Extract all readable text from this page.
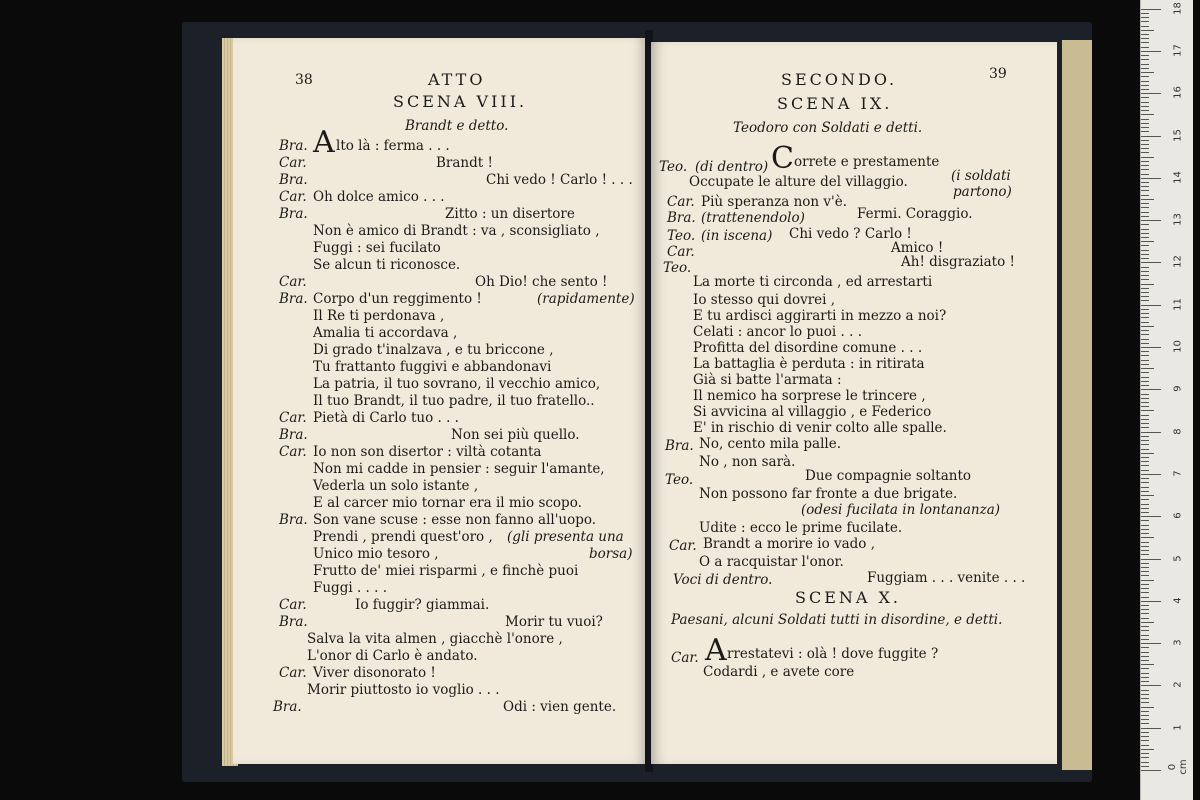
38	ATTO
SCENA VIII.
Brandt e detto.
Bra. A lto là : ferma . . .
Car.	Brandt !
Bra.	Chi vedo ! Carlo ! . . .
Car. Oh dolce amico . . .
Bra.	Zitto : un disertore
Non è amico di Brandt : va , sconsigliato ,
Fuggi : sei fucilato
Se alcun ti riconosce.
Car.	Oh Dio! che sento !
Bra. Corpo d'un reggimento !	(rapidamente)
Il Re ti perdonava ,
Amalia ti accordava ,
Di grado t'inalzava , e tu briccone ,
Tu frattanto fuggivi e abbandonavi
La patria, il tuo sovrano, il vecchio amico,
Il tuo Brandt, il tuo padre, il tuo fratello..
Car. Pietà di Carlo tuo . . .
Bra.	Non sei più quello.
Car. Io non son disertor : viltà cotanta
Non mi cadde in pensier : seguir l'amante,
Vederla un solo istante ,
E al carcer mio tornar era il mio scopo.
Bra. Son vane scuse : esse non fanno all'uopo.
Prendi , prendi quest'oro , (gli presenta una
Unico mio tesoro ,	borsa)
Frutto de' miei risparmi , e finchè puoi
Fuggi . . . .
Car.	Io fuggir? giammai.
Bra.	Morir tu vuoi?
Salva la vita almen , giacchè l'onore ,
L'onor di Carlo è andato.
Car. Viver disonorato !
Morir piuttosto io voglio . . .
Bra.	Odi : vien gente.
SECONDO.	39
SCENA IX.
Teodoro con Soldati e detti.
Teo. (di dentro) C orrete e prestamente
Occupate le alture del villaggio.	(i soldati
partono)
Car. Più speranza non v'è.
Bra. (trattenendolo)	Fermi. Coraggio.
Teo. (in iscena) Chi vedo ? Carlo !
Car.	Amico !
Teo.	Ah! disgraziato !
La morte ti circonda , ed arrestarti
Io stesso qui dovrei ,
E tu ardisci aggirarti in mezzo a noi?
Celati : ancor lo puoi . . .
Profitta del disordine comune . . .
La battaglia è perduta : in ritirata
Già si batte l'armata :
Il nemico ha sorprese le trincere ,
Si avvicina al villaggio , e Federico
E' in rischio di venir colto alle spalle.
Bra. No, cento mila palle.
No , non sarà.
Teo.	Due compagnie soltanto
Non possono far fronte a due brigate.
(odesi fucilata in lontananza)
Udite : ecco le prime fucilate.
Car. Brandt a morire io vado ,
O a racquistar l'onor.
Voci di dentro.	Fuggiam . . . venite . . .
SCENA X.
Paesani, alcuni Soldati tutti in disordine, e detti.
Car. A rrestatevi : olà ! dove fuggite ?
Codardi , e avete core
0 cm
1
2
3
4
5
6
7
8
9
10
11
12
13
14
15
16
17
18
